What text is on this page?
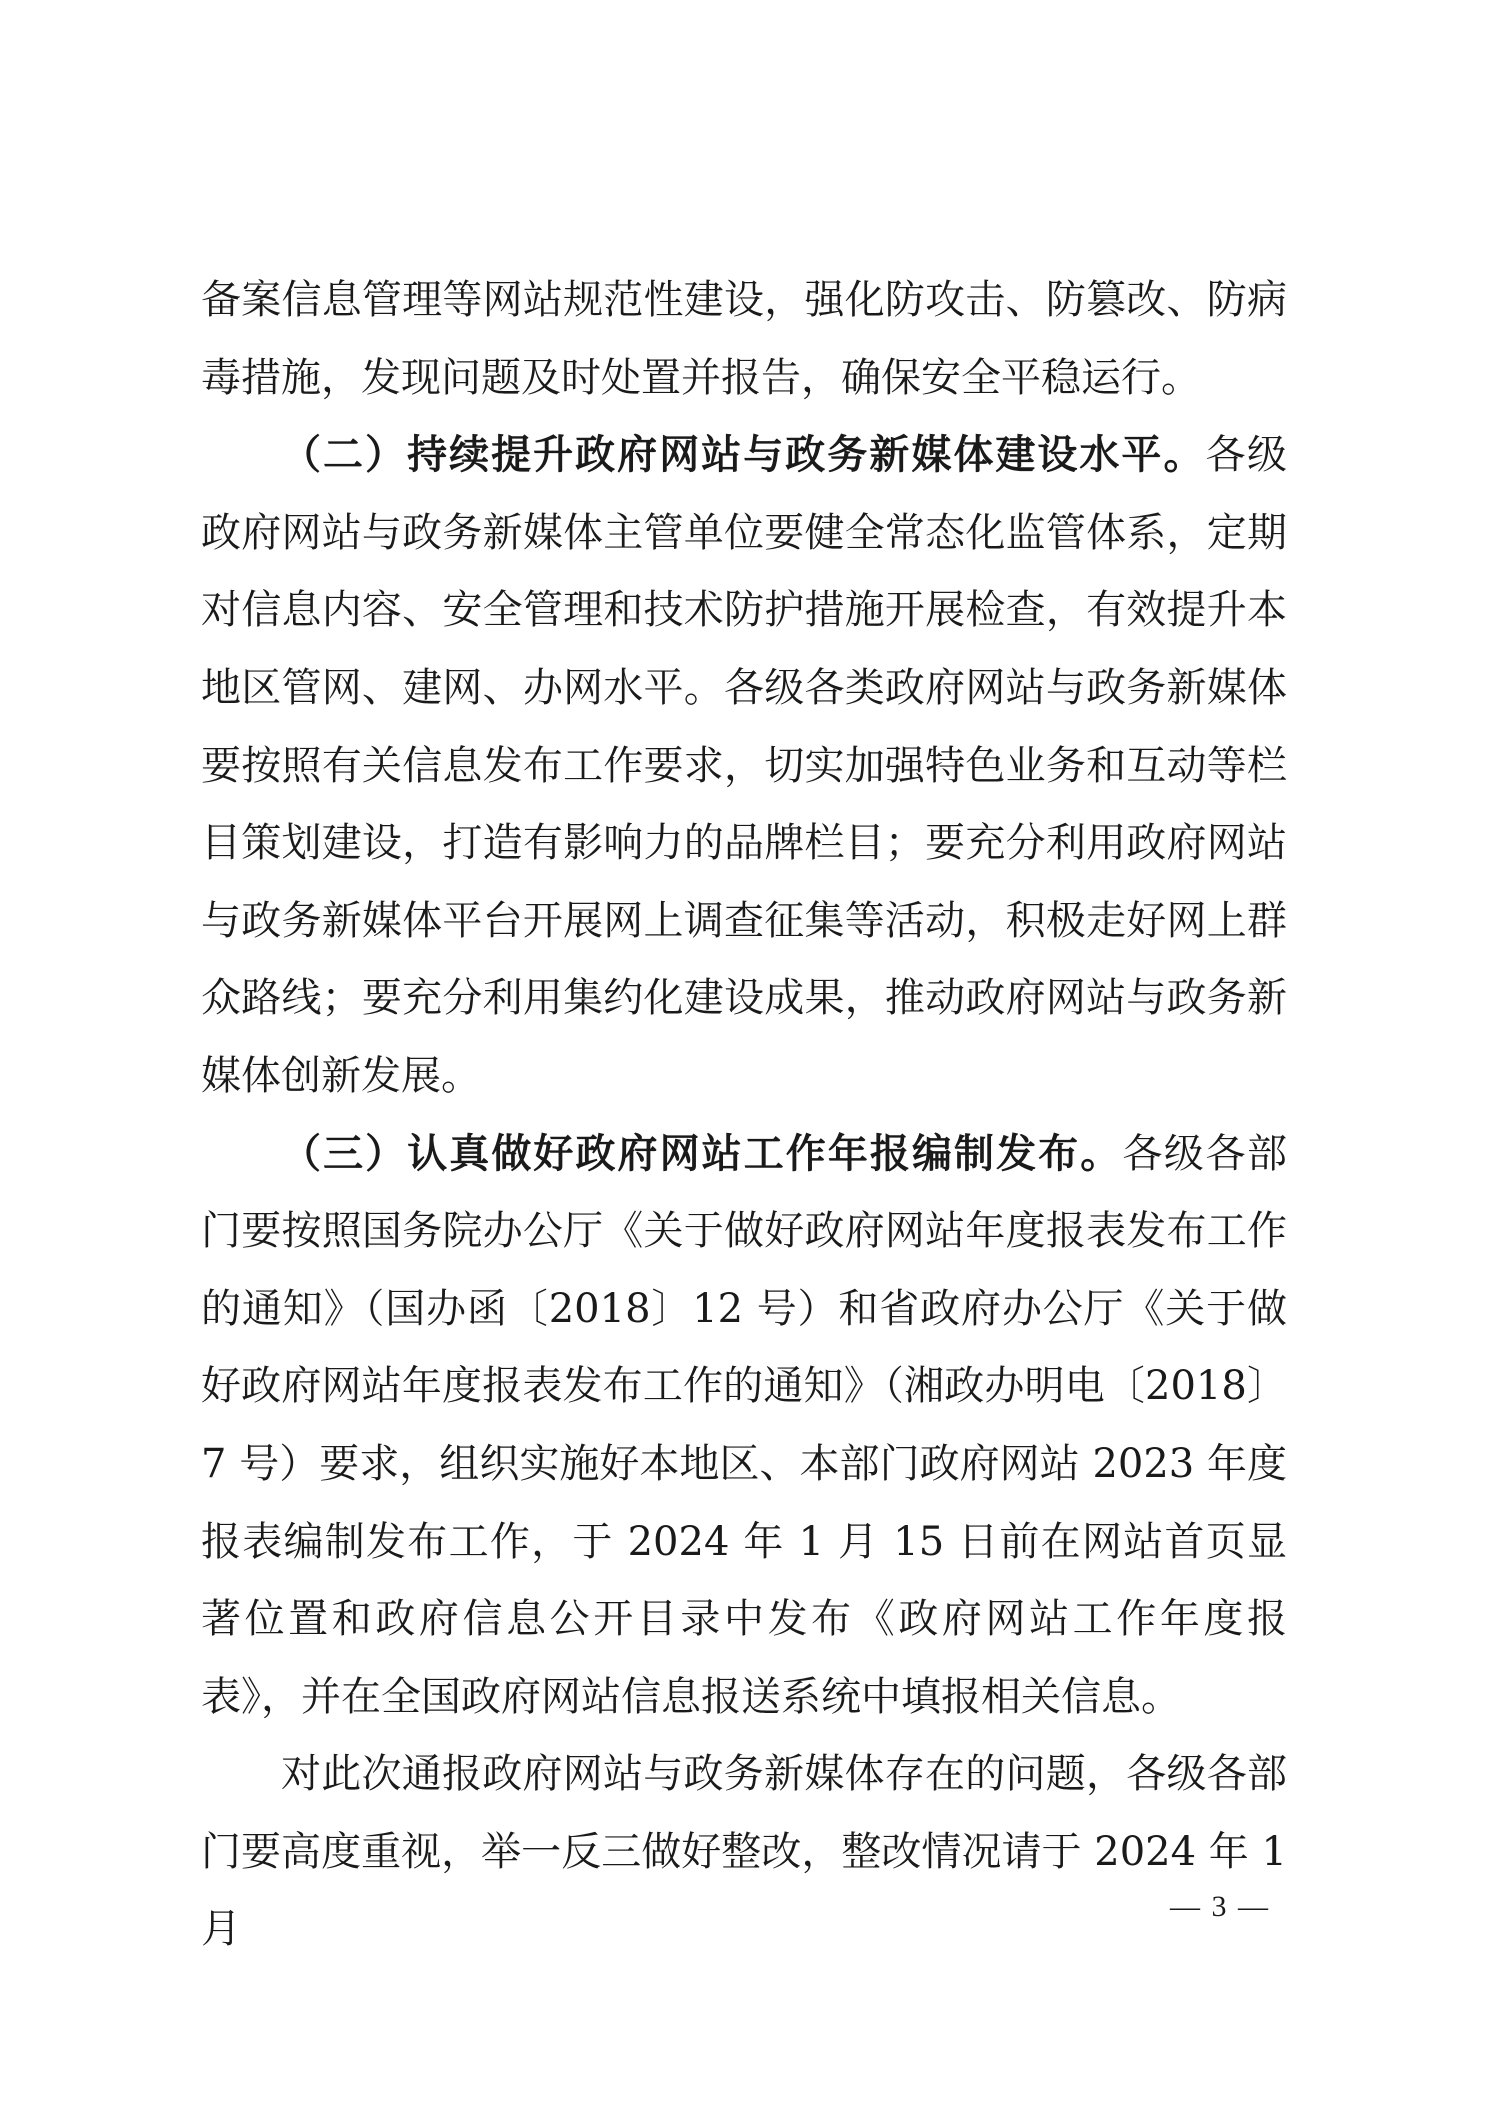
备案信息管理等网站规范性建设，强化防攻击、防篡改、防病毒措施，发现问题及时处置并报告，确保安全平稳运行。

（二）持续提升政府网站与政务新媒体建设水平。各级政府网站与政务新媒体主管单位要健全常态化监管体系，定期对信息内容、安全管理和技术防护措施开展检查，有效提升本地区管网、建网、办网水平。各级各类政府网站与政务新媒体要按照有关信息发布工作要求，切实加强特色业务和互动等栏目策划建设，打造有影响力的品牌栏目；要充分利用政府网站与政务新媒体平台开展网上调查征集等活动，积极走好网上群众路线；要充分利用集约化建设成果，推动政府网站与政务新媒体创新发展。

（三）认真做好政府网站工作年报编制发布。各级各部门要按照国务院办公厅《关于做好政府网站年度报表发布工作的通知》（国办函〔2018〕12 号）和省政府办公厅《关于做好政府网站年度报表发布工作的通知》（湘政办明电〔2018〕7 号）要求，组织实施好本地区、本部门政府网站 2023 年度报表编制发布工作，于 2024 年 1 月 15 日前在网站首页显著位置和政府信息公开目录中发布《政府网站工作年度报表》，并在全国政府网站信息报送系统中填报相关信息。

对此次通报政府网站与政务新媒体存在的问题，各级各部门要高度重视，举一反三做好整改，整改情况请于 2024 年 1 月	— 3 —
